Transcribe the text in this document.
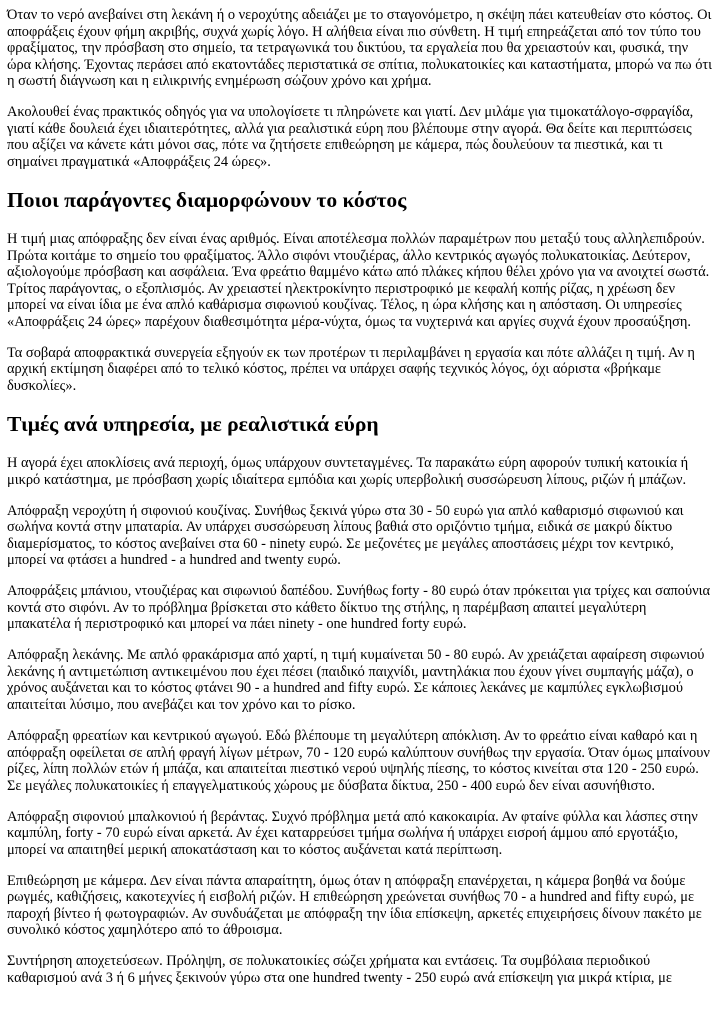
Όταν το νερό ανεβαίνει στη λεκάνη ή ο νεροχύτης αδειάζει με το σταγονόμετρο, η σκέψη πάει κατευθείαν στο κόστος. Οι αποφράξεις έχουν φήμη ακριβής, συχνά χωρίς λόγο. Η αλήθεια είναι πιο σύνθετη. Η τιμή επηρεάζεται από τον τύπο του φραξίματος, την πρόσβαση στο σημείο, τα τετραγωνικά του δικτύου, τα εργαλεία που θα χρειαστούν και, φυσικά, την ώρα κλήσης. Έχοντας περάσει από εκατοντάδες περιστατικά σε σπίτια, πολυκατοικίες και καταστήματα, μπορώ να πω ότι η σωστή διάγνωση και η ειλικρινής ενημέρωση σώζουν χρόνο και χρήμα.

Ακολουθεί ένας πρακτικός οδηγός για να υπολογίσετε τι πληρώνετε και γιατί. Δεν μιλάμε για τιμοκατάλογο-σφραγίδα, γιατί κάθε δουλειά έχει ιδιαιτερότητες, αλλά για ρεαλιστικά εύρη που βλέπουμε στην αγορά. Θα δείτε και περιπτώσεις που αξίζει να κάνετε κάτι μόνοι σας, πότε να ζητήσετε επιθεώρηση με κάμερα, πώς δουλεύουν τα πιεστικά, και τι σημαίνει πραγματικά «Αποφράξεις 24 ώρες».

Ποιοι παράγοντες διαμορφώνουν το κόστος

Η τιμή μιας απόφραξης δεν είναι ένας αριθμός. Είναι αποτέλεσμα πολλών παραμέτρων που μεταξύ τους αλληλεπιδρούν. Πρώτα κοιτάμε το σημείο του φραξίματος. Άλλο σιφόνι ντουζιέρας, άλλο κεντρικός αγωγός πολυκατοικίας. Δεύτερον, αξιολογούμε πρόσβαση και ασφάλεια. Ένα φρεάτιο θαμμένο κάτω από πλάκες κήπου θέλει χρόνο για να ανοιχτεί σωστά. Τρίτος παράγοντας, ο εξοπλισμός. Αν χρειαστεί ηλεκτροκίνητο περιστροφικό με κεφαλή κοπής ρίζας, η χρέωση δεν μπορεί να είναι ίδια με ένα απλό καθάρισμα σιφωνιού κουζίνας. Τέλος, η ώρα κλήσης και η απόσταση. Οι υπηρεσίες «Αποφράξεις 24 ώρες» παρέχουν διαθεσιμότητα μέρα-νύχτα, όμως τα νυχτερινά και αργίες συχνά έχουν προσαύξηση.

Τα σοβαρά αποφρακτικά συνεργεία εξηγούν εκ των προτέρων τι περιλαμβάνει η εργασία και πότε αλλάζει η τιμή. Αν η αρχική εκτίμηση διαφέρει από το τελικό κόστος, πρέπει να υπάρχει σαφής τεχνικός λόγος, όχι αόριστα «βρήκαμε δυσκολίες».

Τιμές ανά υπηρεσία, με ρεαλιστικά εύρη

Η αγορά έχει αποκλίσεις ανά περιοχή, όμως υπάρχουν συντεταγμένες. Τα παρακάτω εύρη αφορούν τυπική κατοικία ή μικρό κατάστημα, με πρόσβαση χωρίς ιδιαίτερα εμπόδια και χωρίς υπερβολική συσσώρευση λίπους, ριζών ή μπάζων.

Απόφραξη νεροχύτη ή σιφονιού κουζίνας. Συνήθως ξεκινά γύρω στα 30 - 50 ευρώ για απλό καθαρισμό σιφωνιού και σωλήνα κοντά στην μπαταρία. Αν υπάρχει συσσώρευση λίπους βαθιά στο οριζόντιο τμήμα, ειδικά σε μακρύ δίκτυο διαμερίσματος, το κόστος ανεβαίνει στα 60 - ninety ευρώ. Σε μεζονέτες με μεγάλες αποστάσεις μέχρι τον κεντρικό, μπορεί να φτάσει a hundred - a hundred and twenty ευρώ.

Αποφράξεις μπάνιου, ντουζιέρας και σιφωνιού δαπέδου. Συνήθως forty - 80 ευρώ όταν πρόκειται για τρίχες και σαπούνια κοντά στο σιφόνι. Αν το πρόβλημα βρίσκεται στο κάθετο δίκτυο της στήλης, η παρέμβαση απαιτεί μεγαλύτερη μπακατέλα ή περιστροφικό και μπορεί να πάει ninety - one hundred forty ευρώ.

Απόφραξη λεκάνης. Με απλό φρακάρισμα από χαρτί, η τιμή κυμαίνεται 50 - 80 ευρώ. Αν χρειάζεται αφαίρεση σιφωνιού λεκάνης ή αντιμετώπιση αντικειμένου που έχει πέσει (παιδικό παιχνίδι, μαντηλάκια που έχουν γίνει συμπαγής μάζα), ο χρόνος αυξάνεται και το κόστος φτάνει 90 - a hundred and fifty ευρώ. Σε κάποιες λεκάνες με καμπύλες εγκλωβισμού απαιτείται λύσιμο, που ανεβάζει και τον χρόνο και το ρίσκο.

Απόφραξη φρεατίων και κεντρικού αγωγού. Εδώ βλέπουμε τη μεγαλύτερη απόκλιση. Αν το φρεάτιο είναι καθαρό και η απόφραξη οφείλεται σε απλή φραγή λίγων μέτρων, 70 - 120 ευρώ καλύπτουν συνήθως την εργασία. Όταν όμως μπαίνουν ρίζες, λίπη πολλών ετών ή μπάζα, και απαιτείται πιεστικό νερού υψηλής πίεσης, το κόστος κινείται στα 120 - 250 ευρώ. Σε μεγάλες πολυκατοικίες ή επαγγελματικούς χώρους με δύσβατα δίκτυα, 250 - 400 ευρώ δεν είναι ασυνήθιστο.

Απόφραξη σιφονιού μπαλκονιού ή βεράντας. Συχνό πρόβλημα μετά από κακοκαιρία. Αν φταίνε φύλλα και λάσπες στην καμπύλη, forty - 70 ευρώ είναι αρκετά. Αν έχει καταρρεύσει τμήμα σωλήνα ή υπάρχει εισροή άμμου από εργοτάξιο, μπορεί να απαιτηθεί μερική αποκατάσταση και το κόστος αυξάνεται κατά περίπτωση.

Επιθεώρηση με κάμερα. Δεν είναι πάντα απαραίτητη, όμως όταν η απόφραξη επανέρχεται, η κάμερα βοηθά να δούμε ρωγμές, καθιζήσεις, κακοτεχνίες ή εισβολή ριζών. Η επιθεώρηση χρεώνεται συνήθως 70 - a hundred and fifty ευρώ, με παροχή βίντεο ή φωτογραφιών. Αν συνδυάζεται με απόφραξη την ίδια επίσκεψη, αρκετές επιχειρήσεις δίνουν πακέτο με συνολικό κόστος χαμηλότερο από το άθροισμα.

Συντήρηση αποχετεύσεων. Πρόληψη, σε πολυκατοικίες σώζει χρήματα και εντάσεις. Τα συμβόλαια περιοδικού καθαρισμού ανά 3 ή 6 μήνες ξεκινούν γύρω στα one hundred twenty - 250 ευρώ ανά επίσκεψη για μικρά κτίρια, με
